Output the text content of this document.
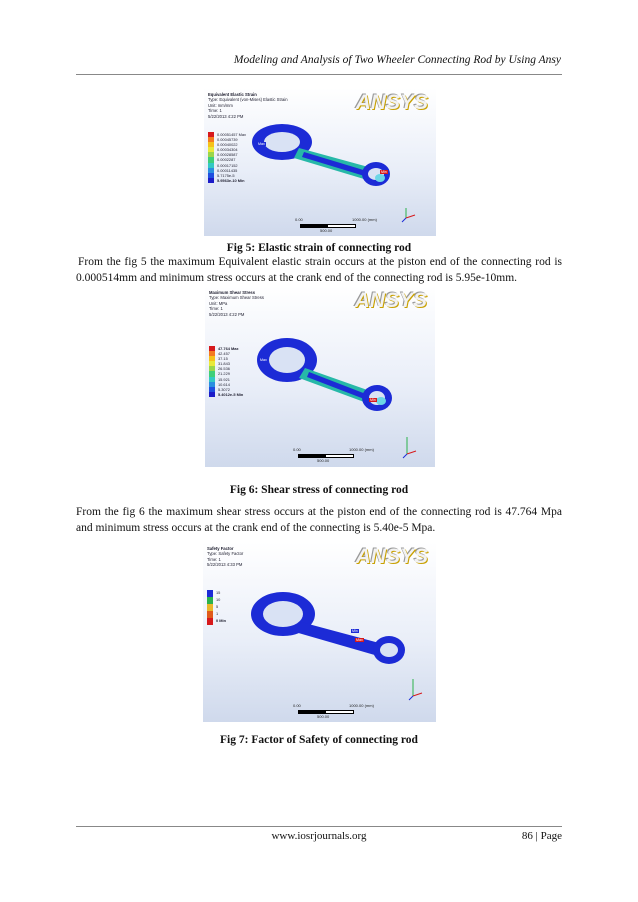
Modeling and Analysis of Two Wheeler Connecting Rod by Using Ansy
Equivalent Elastic Strain
Type: Equivalent (von-Mises) Elastic Strain
Unit: mm/mm
Time: 1
5/22/2013 4:22 PM
ANSYS
0.00051457 Max
0.00045739
0.00040022
0.00034304
0.00028587
0.0002287
0.00017152
0.00011435
5.7175e-5
5.9563e-10 Min
Max
Min
0.00	1000.00 (mm)
500.00
Fig 5: Elastic strain of connecting rod
From the fig 5 the maximum Equivalent elastic strain occurs at the piston end of the connecting rod is 0.000514mm and minimum stress occurs at the crank end of the connecting rod is 5.95e-10mm.
Maximum Shear Stress
Type: Maximum Shear Stress
Unit: MPa
Time: 1
5/22/2013 4:22 PM
ANSYS
47.764 Max
42.457
37.15
31.843
26.536
21.229
15.921
10.614
5.3072
5.4012e-5 Min
Max
Min
0.00	1000.00 (mm)
500.00
Fig 6: Shear stress of connecting rod
From the fig 6 the maximum shear stress occurs at the piston end of the connecting rod is 47.764 Mpa and minimum stress occurs at the crank end of the connecting is 5.40e-5 Mpa.
Safety Factor
Type: Safety Factor
Time: 1
5/22/2013 4:33 PM	ANSYS
15
10
5
1
0 Min
Min
Max
0.00	1000.00 (mm)
500.00
Fig 7: Factor of Safety of connecting rod
www.iosrjournals.org	86 | Page
